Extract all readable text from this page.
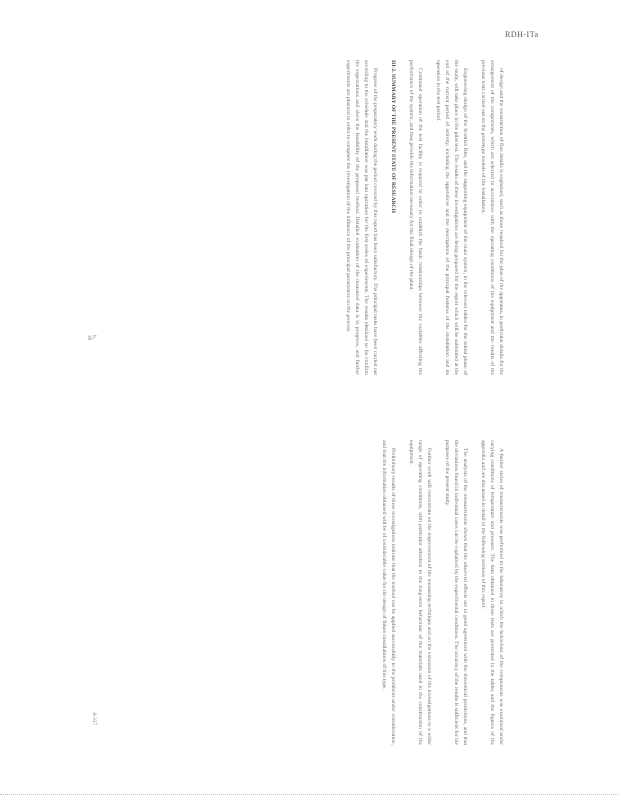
RDH-ITa

of design and the construction of fine details is explained, such as those required for the plan of the apparatus, in particular details for the arrangement of the components, which are selected in accordance with the operating conditions of the equipment and the results of the previous tests carried out on the prototype models of the installation.

Engineering design of the Scottish Rite, and the supporting equipment of the main system, in the relevant tables for the initial phase of the study, will take place in the pilot test. The results of these investigations are being prepared for the report which will be submitted at the end of the current period of activity, including the appendices and the descriptions of the principal features of the installation and its operation in the test period.

Continued operation of the test facility is required in order to establish the basic relationships between the variables affecting the performance of the system, and thus provide the information necessary for the final design of the plant.

III-2. SUMMARY OF THE PRESENT STATE OF RESEARCH

Progress of the preparatory work during the period covered by this report has been satisfactory. The principal tasks have been carried out according to the schedule and the installation was put into operation for the first series of experiments. The results obtained so far confirm the expectations and show the feasibility of the proposed method. Detailed evaluation of the measured data is in progress, and further experiments are planned in order to complete the investigation of the influence of the principal parameters on the process.

b₁
38

A further series of measurements was performed in the laboratory in which the behaviour of the components was examined under varying conditions of temperature and pressure. The data obtained in these tests are presented in the tables and the figures of the appendix and are discussed in detail in the following sections of this report.

The analysis of the measurements shows that the observed effects are in good agreement with the theoretical predictions, and that the deviations found in individual cases can be explained by the experimental conditions. The accuracy of the results is sufficient for the purposes of the present study.

Further work will concentrate on the improvement of the measuring technique and on the extension of the investigations to a wider range of operating conditions, with particular attention to the long-term behaviour of the materials used in the construction of the equipment.

Preliminary results of these investigations indicate that the method can be applied successfully to the problems under consideration, and that the information obtained will be of considerable value for the design of future installations of this type.

A-337
